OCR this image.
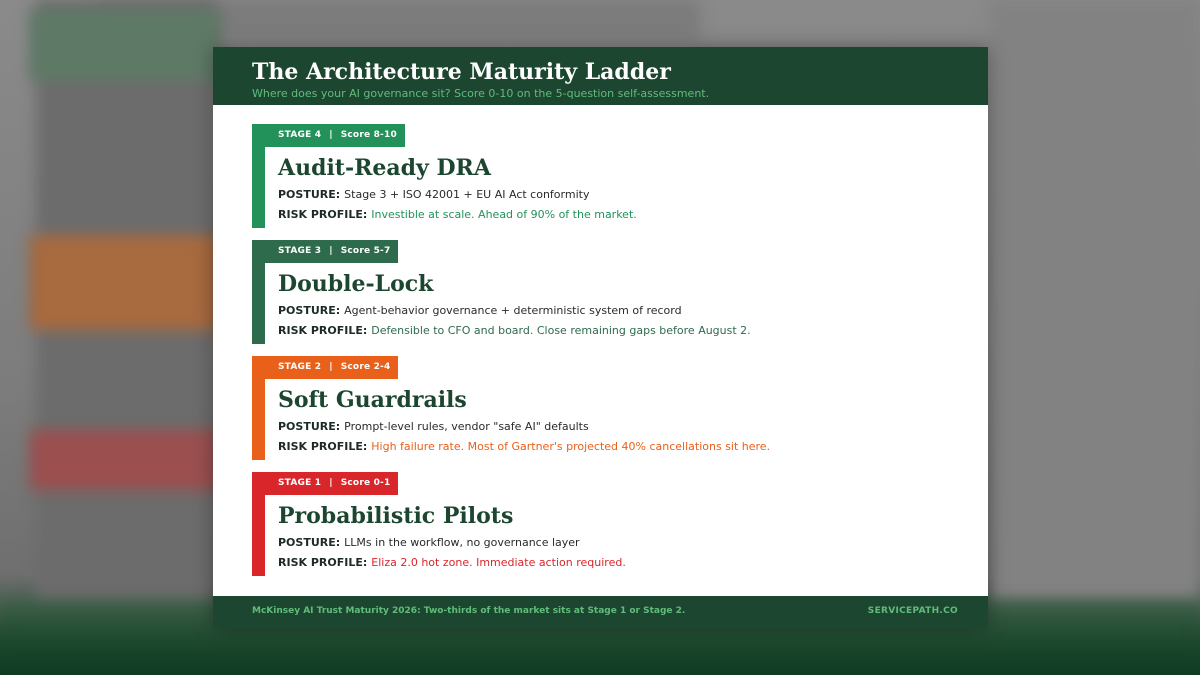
The Architecture Maturity Ladder

Where does your AI governance sit? Score 0-10 on the 5-question self-assessment.

STAGE 4 | Score 8-10
Audit-Ready DRA
POSTURE: Stage 3 + ISO 42001 + EU AI Act conformity
RISK PROFILE: Investible at scale. Ahead of 90% of the market.
STAGE 3 | Score 5-7
Double-Lock
POSTURE: Agent-behavior governance + deterministic system of record
RISK PROFILE: Defensible to CFO and board. Close remaining gaps before August 2.
STAGE 2 | Score 2-4
Soft Guardrails
POSTURE: Prompt-level rules, vendor "safe AI" defaults
RISK PROFILE: High failure rate. Most of Gartner's projected 40% cancellations sit here.
STAGE 1 | Score 0-1
Probabilistic Pilots
POSTURE: LLMs in the workflow, no governance layer
RISK PROFILE: Eliza 2.0 hot zone. Immediate action required.
McKinsey AI Trust Maturity 2026: Two-thirds of the market sits at Stage 1 or Stage 2.	SERVICEPATH.CO
